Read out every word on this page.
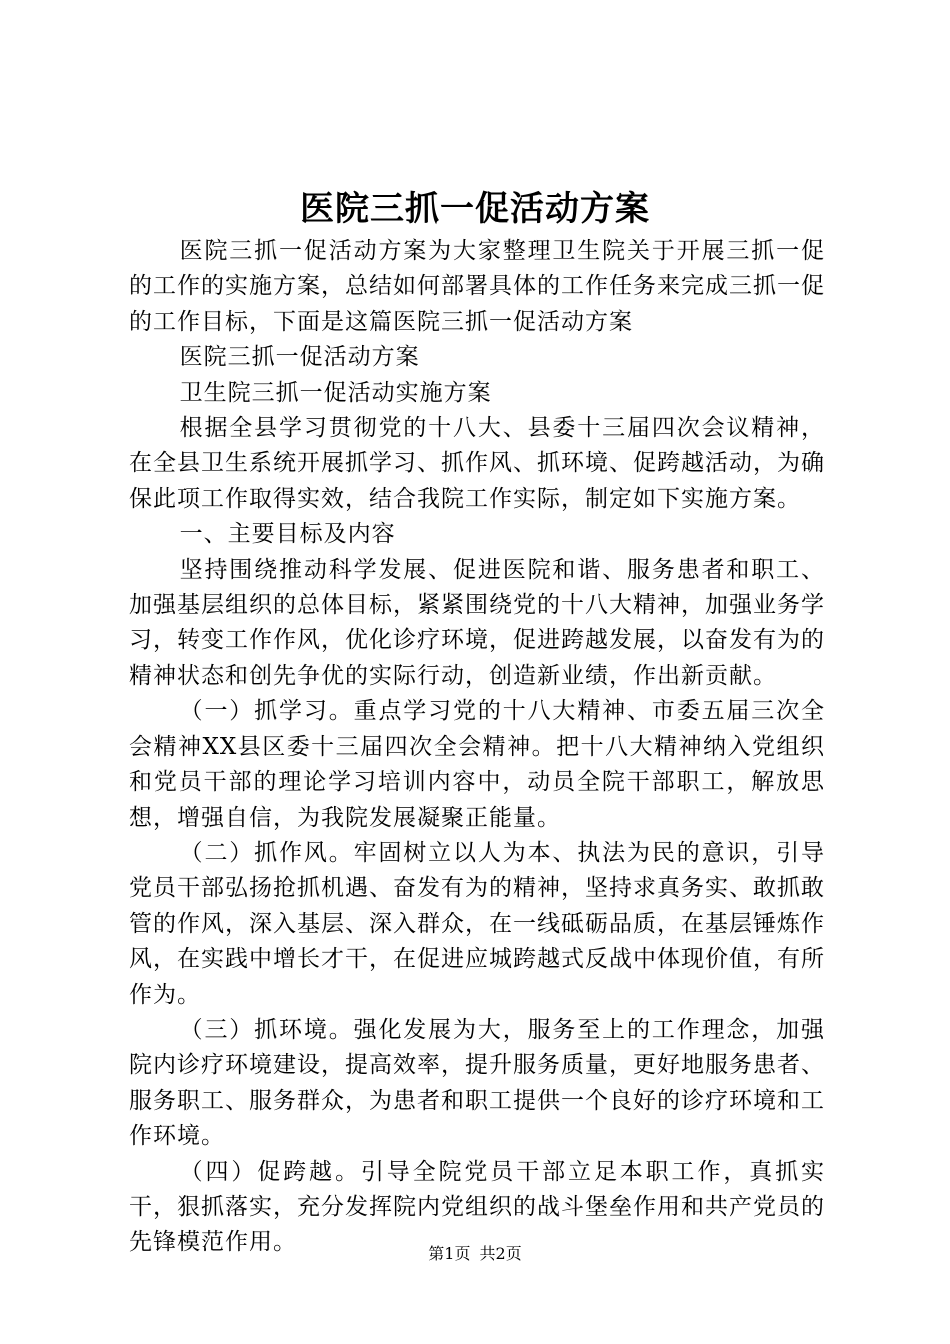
医院三抓一促活动方案

医院三抓一促活动方案为大家整理卫生院关于开展三抓一促的工作的实施方案，总结如何部署具体的工作任务来完成三抓一促的工作目标，下面是这篇医院三抓一促活动方案

医院三抓一促活动方案

卫生院三抓一促活动实施方案

根据全县学习贯彻党的十八大、县委十三届四次会议精神，在全县卫生系统开展抓学习、抓作风、抓环境、促跨越活动，为确保此项工作取得实效，结合我院工作实际，制定如下实施方案。

一、主要目标及内容

坚持围绕推动科学发展、促进医院和谐、服务患者和职工、加强基层组织的总体目标，紧紧围绕党的十八大精神，加强业务学习，转变工作作风，优化诊疗环境，促进跨越发展，以奋发有为的精神状态和创先争优的实际行动，创造新业绩，作出新贡献。

（一）抓学习。重点学习党的十八大精神、市委五届三次全会精神XX县区委十三届四次全会精神。把十八大精神纳入党组织和党员干部的理论学习培训内容中，动员全院干部职工，解放思想，增强自信，为我院发展凝聚正能量。

（二）抓作风。牢固树立以人为本、执法为民的意识，引导党员干部弘扬抢抓机遇、奋发有为的精神，坚持求真务实、敢抓敢管的作风，深入基层、深入群众，在一线砥砺品质，在基层锤炼作风，在实践中增长才干，在促进应城跨越式反战中体现价值，有所作为。

（三）抓环境。强化发展为大，服务至上的工作理念，加强院内诊疗环境建设，提高效率，提升服务质量，更好地服务患者、服务职工、服务群众，为患者和职工提供一个良好的诊疗环境和工作环境。

（四）促跨越。引导全院党员干部立足本职工作，真抓实干，狠抓落实，充分发挥院内党组织的战斗堡垒作用和共产党员的先锋模范作用。	第1页 共2页
